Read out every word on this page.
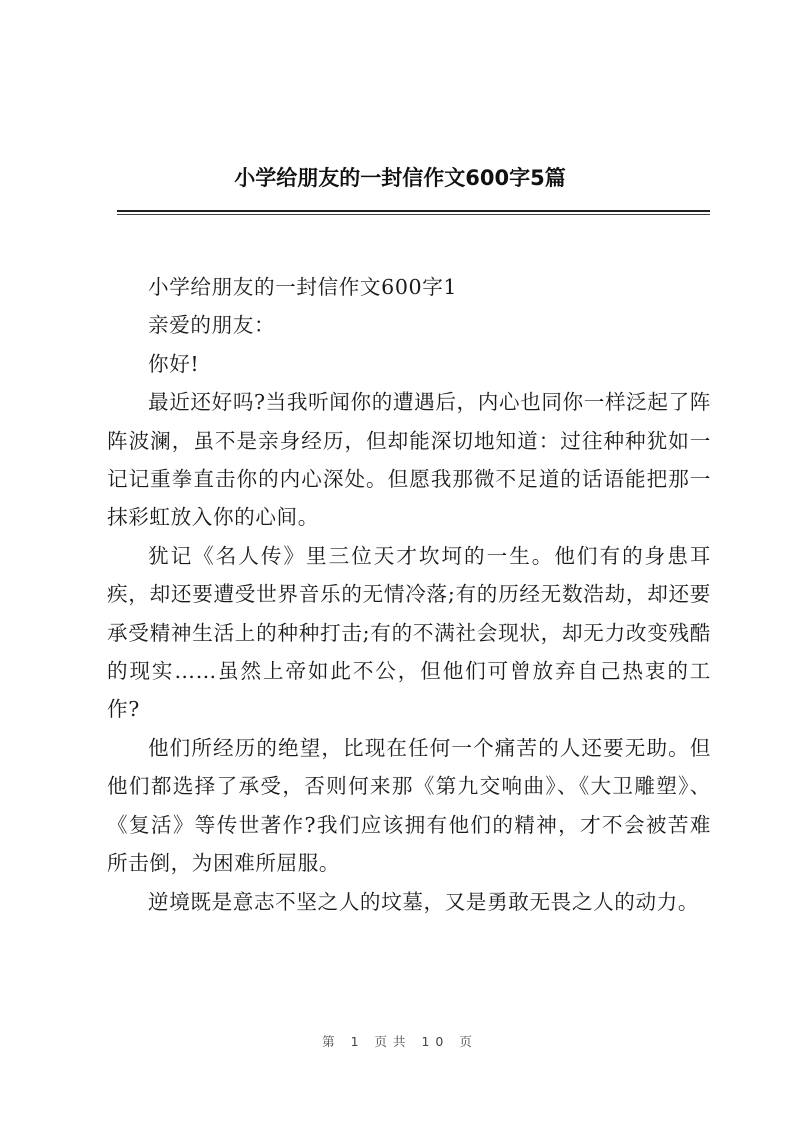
小学给朋友的一封信作文600字5篇

小学给朋友的一封信作文600字1

亲爱的朋友：

你好!

最近还好吗?当我听闻你的遭遇后，内心也同你一样泛起了阵阵波澜，虽不是亲身经历，但却能深切地知道：过往种种犹如一记记重拳直击你的内心深处。但愿我那微不足道的话语能把那一抹彩虹放入你的心间。

犹记《名人传》里三位天才坎坷的一生。他们有的身患耳疾，却还要遭受世界音乐的无情冷落;有的历经无数浩劫，却还要承受精神生活上的种种打击;有的不满社会现状，却无力改变残酷的现实……虽然上帝如此不公，但他们可曾放弃自己热衷的工作?

他们所经历的绝望，比现在任何一个痛苦的人还要无助。但他们都选择了承受，否则何来那《第九交响曲》、《大卫雕塑》、《复活》等传世著作?我们应该拥有他们的精神，才不会被苦难所击倒，为困难所屈服。

逆境既是意志不坚之人的坟墓，又是勇敢无畏之人的动力。

第 1 页共 10 页
